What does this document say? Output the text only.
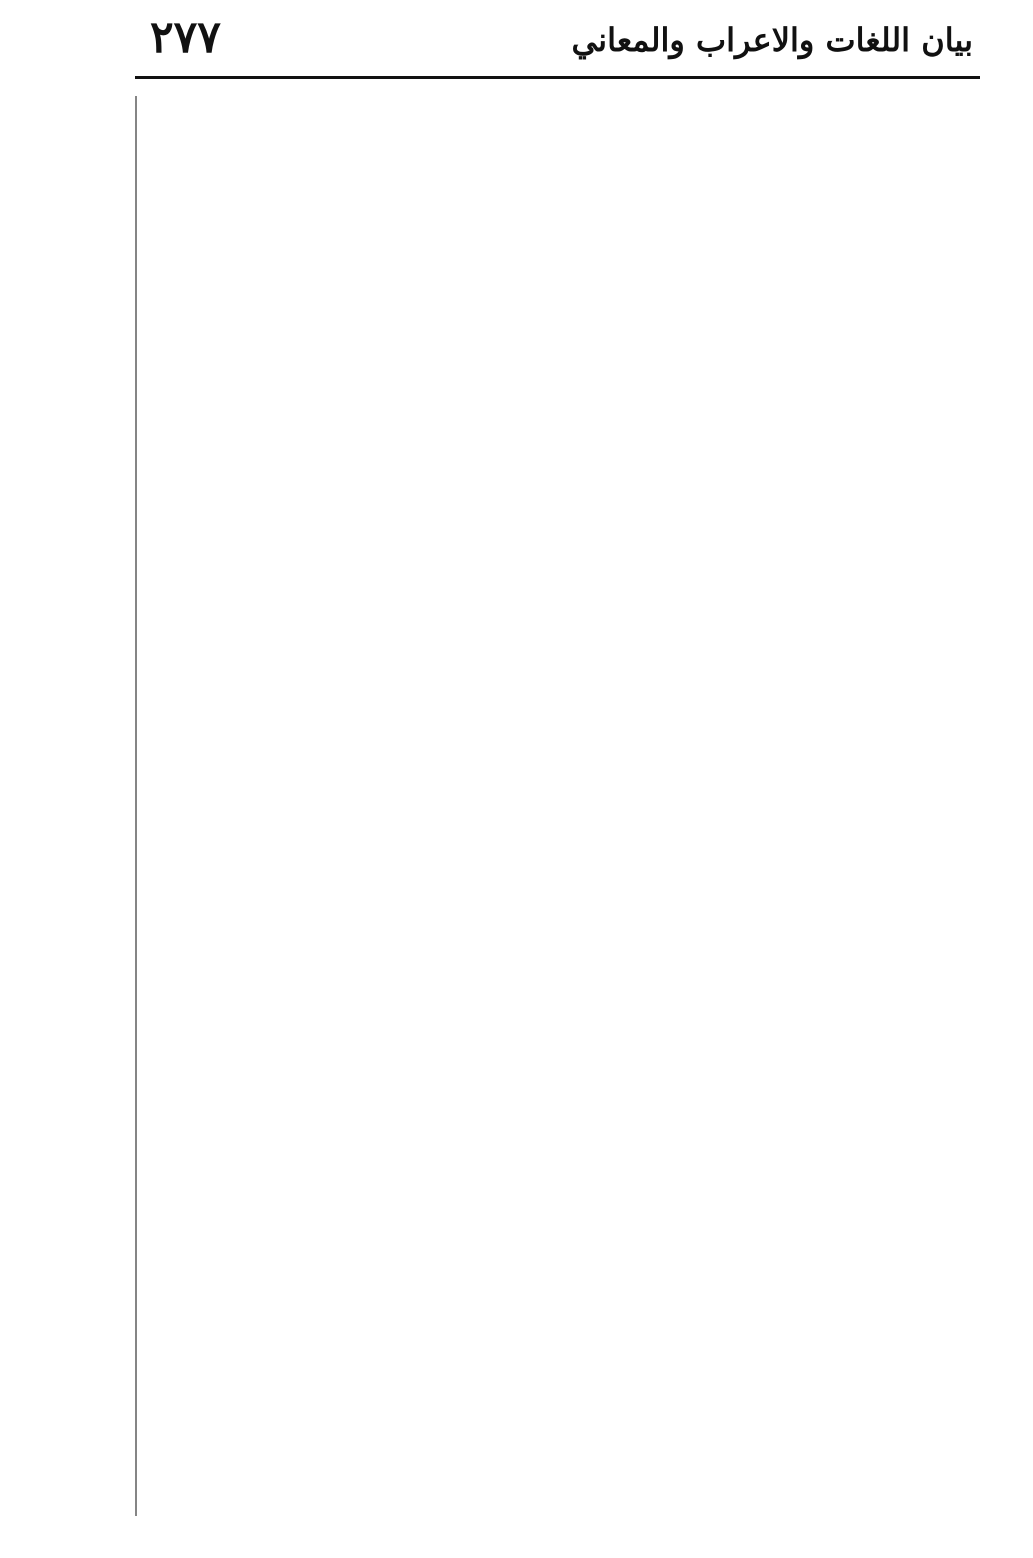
٢٧٧	بيان اللغات والاعراب والمعاني
